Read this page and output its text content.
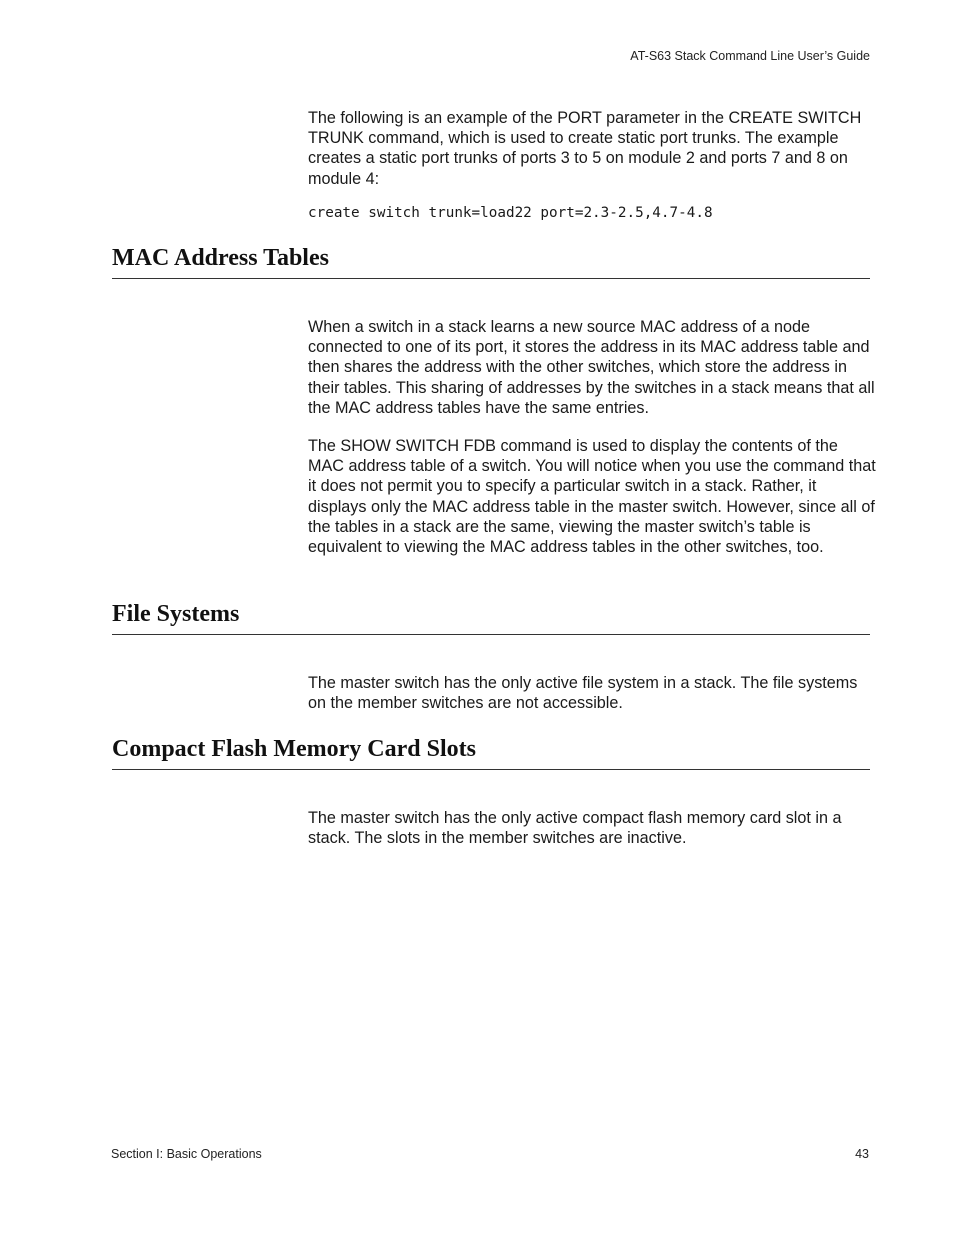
AT-S63 Stack Command Line User’s Guide

The following is an example of the PORT parameter in the CREATE SWITCH TRUNK command, which is used to create static port trunks. The example creates a static port trunks of ports 3 to 5 on module 2 and ports 7 and 8 on module 4:

create switch trunk=load22 port=2.3-2.5,4.7-4.8
MAC Address Tables

When a switch in a stack learns a new source MAC address of a node connected to one of its port, it stores the address in its MAC address table and then shares the address with the other switches, which store the address in their tables. This sharing of addresses by the switches in a stack means that all the MAC address tables have the same entries.

The SHOW SWITCH FDB command is used to display the contents of the MAC address table of a switch. You will notice when you use the command that it does not permit you to specify a particular switch in a stack. Rather, it displays only the MAC address table in the master switch. However, since all of the tables in a stack are the same, viewing the master switch’s table is equivalent to viewing the MAC address tables in the other switches, too.

File Systems

The master switch has the only active file system in a stack. The file systems on the member switches are not accessible.

Compact Flash Memory Card Slots

The master switch has the only active compact flash memory card slot in a stack. The slots in the member switches are inactive.

Section I: Basic Operations	43
